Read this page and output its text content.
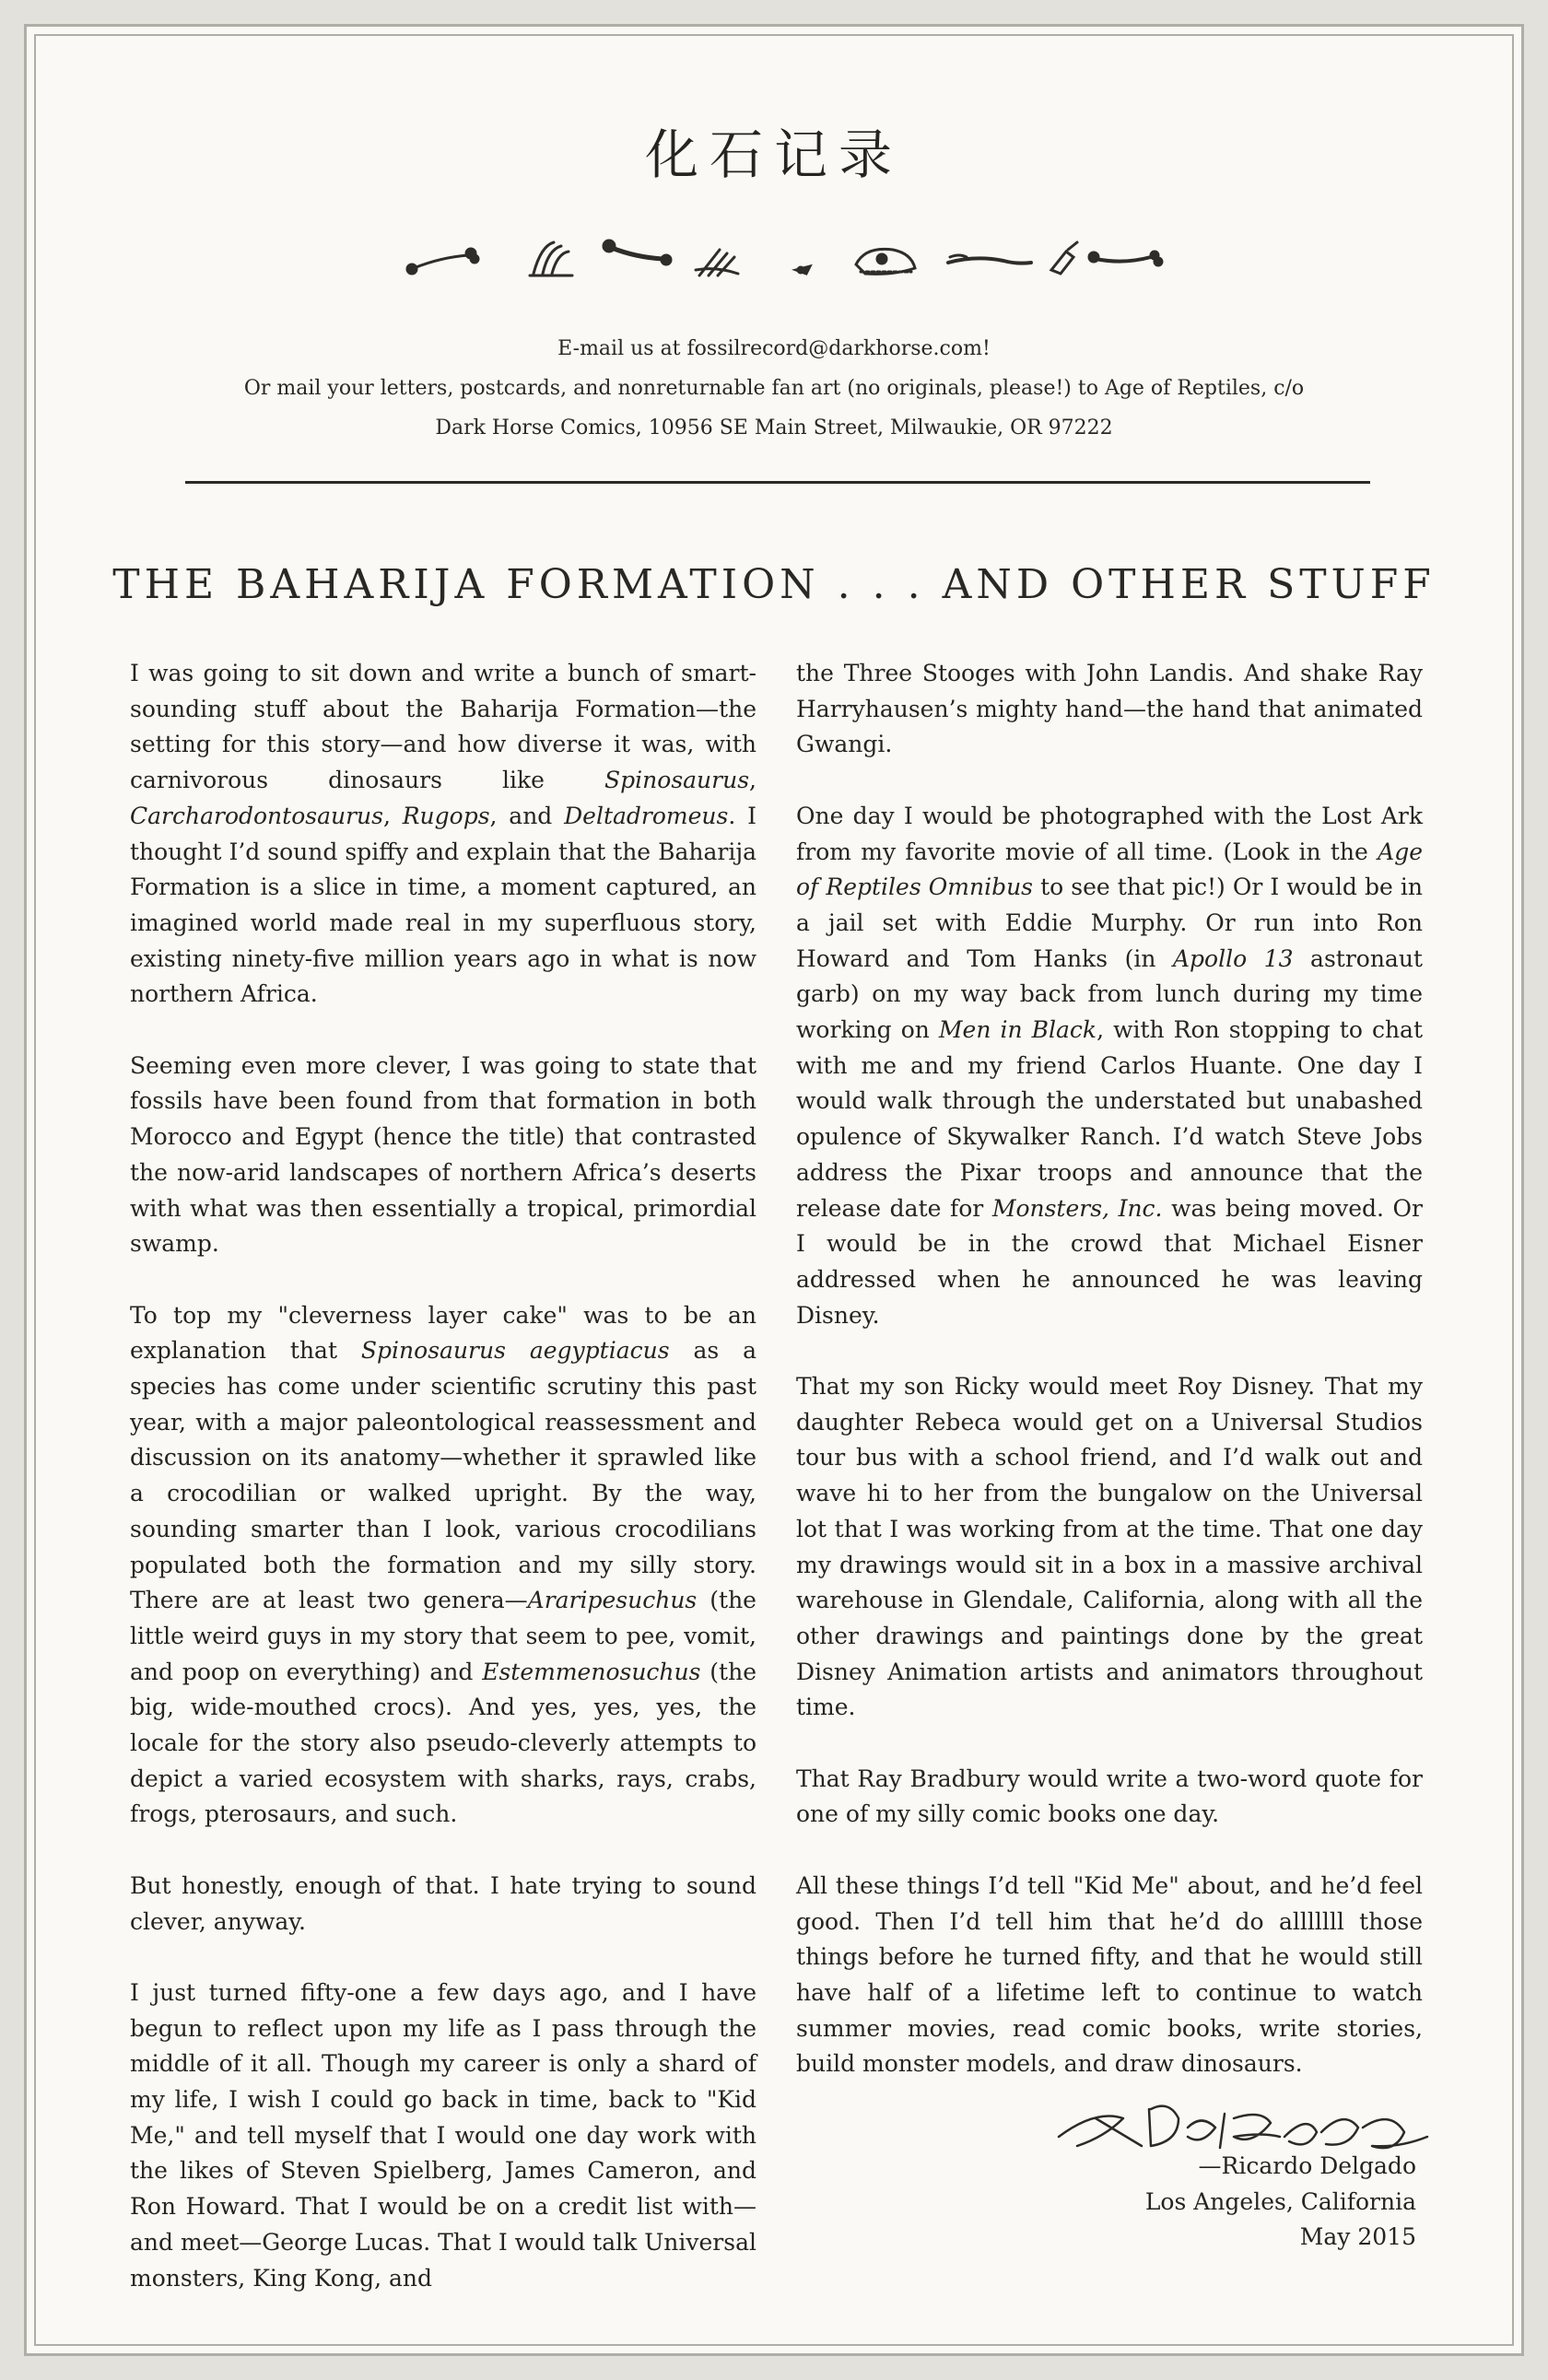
化石记录
E-mail us at fossilrecord@darkhorse.com!
Or mail your letters, postcards, and nonreturnable fan art (no originals, please!) to Age of Reptiles, c/o
Dark Horse Comics, 10956 SE Main Street, Milwaukie, OR 97222
THE BAHARIJA FORMATION . . . AND OTHER STUFF

I was going to sit down and write a bunch of smart-sounding stuff about the Baharija Formation—the setting for this story—and how diverse it was, with carnivorous dinosaurs like Spinosaurus, Carcharodontosaurus, Rugops, and Deltadromeus. I thought I’d sound spiffy and explain that the Baharija Formation is a slice in time, a moment captured, an imagined world made real in my superfluous story, existing ninety-five million years ago in what is now northern Africa.

Seeming even more clever, I was going to state that fossils have been found from that formation in both Morocco and Egypt (hence the title) that contrasted the now-arid landscapes of northern Africa’s deserts with what was then essentially a tropical, primordial swamp.

To top my "cleverness layer cake" was to be an explanation that Spinosaurus aegyptiacus as a species has come under scientific scrutiny this past year, with a major paleontological reassessment and discussion on its anatomy—whether it sprawled like a crocodilian or walked upright. By the way, sounding smarter than I look, various crocodilians populated both the formation and my silly story. There are at least two genera—Araripesuchus (the little weird guys in my story that seem to pee, vomit, and poop on everything) and Estemmenosuchus (the big, wide-mouthed crocs). And yes, yes, yes, the locale for the story also pseudo-cleverly attempts to depict a varied ecosystem with sharks, rays, crabs, frogs, pterosaurs, and such.

But honestly, enough of that. I hate trying to sound clever, anyway.

I just turned fifty-one a few days ago, and I have begun to reflect upon my life as I pass through the middle of it all. Though my career is only a shard of my life, I wish I could go back in time, back to "Kid Me," and tell myself that I would one day work with the likes of Steven Spielberg, James Cameron, and Ron Howard. That I would be on a credit list with—and meet—George Lucas. That I would talk Universal monsters, King Kong, and

the Three Stooges with John Landis. And shake Ray Harryhausen’s mighty hand—the hand that animated Gwangi.

One day I would be photographed with the Lost Ark from my favorite movie of all time. (Look in the Age of Reptiles Omnibus to see that pic!) Or I would be in a jail set with Eddie Murphy. Or run into Ron Howard and Tom Hanks (in Apollo 13 astronaut garb) on my way back from lunch during my time working on Men in Black, with Ron stopping to chat with me and my friend Carlos Huante. One day I would walk through the understated but unabashed opulence of Skywalker Ranch. I’d watch Steve Jobs address the Pixar troops and announce that the release date for Monsters, Inc. was being moved. Or I would be in the crowd that Michael Eisner addressed when he announced he was leaving Disney.

That my son Ricky would meet Roy Disney. That my daughter Rebeca would get on a Universal Studios tour bus with a school friend, and I’d walk out and wave hi to her from the bungalow on the Universal lot that I was working from at the time. That one day my drawings would sit in a box in a massive archival warehouse in Glendale, California, along with all the other drawings and paintings done by the great Disney Animation artists and animators throughout time.

That Ray Bradbury would write a two-word quote for one of my silly comic books one day.

All these things I’d tell "Kid Me" about, and he’d feel good. Then I’d tell him that he’d do alllllll those things before he turned fifty, and that he would still have half of a lifetime left to continue to watch summer movies, read comic books, write stories, build monster models, and draw dinosaurs.

—Ricardo Delgado
Los Angeles, California
May 2015
